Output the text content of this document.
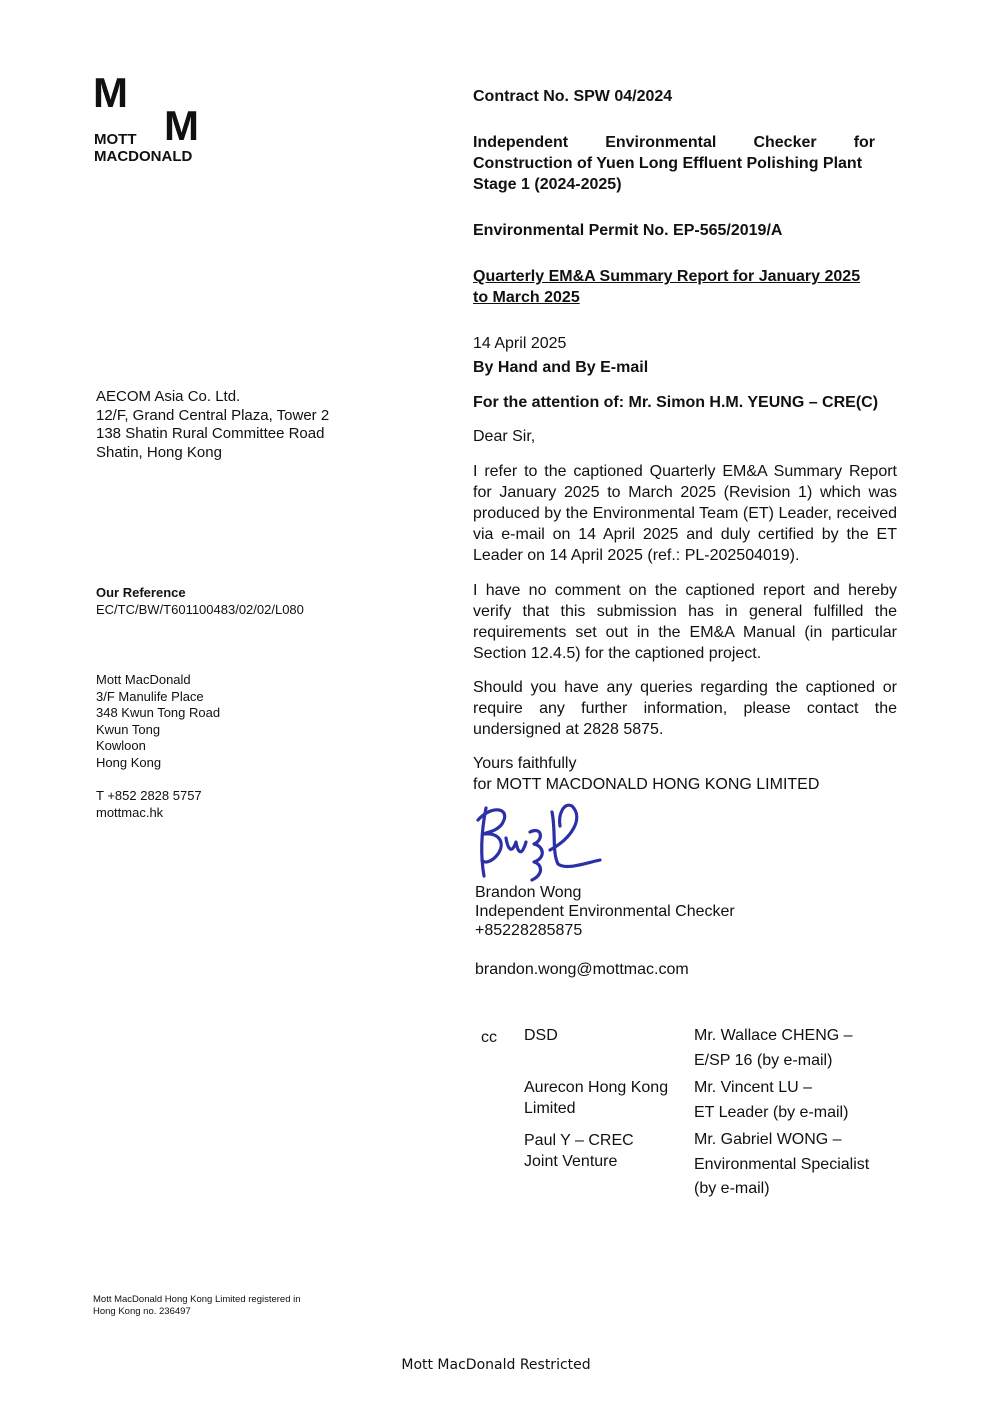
M
M
MOTT
MACDONALD
Contract No. SPW 04/2024
Independent Environmental Checker for
Construction of Yuen Long Effluent Polishing Plant
Stage 1 (2024-2025)
Environmental Permit No. EP-565/2019/A
Quarterly EM&A Summary Report for January 2025
to March 2025
14 April 2025
By Hand and By E-mail
For the attention of: Mr. Simon H.M. YEUNG – CRE(C)
Dear Sir,
I refer to the captioned Quarterly EM&A Summary Report for January 2025 to March 2025 (Revision 1) which was produced by the Environmental Team (ET) Leader, received via e-mail on 14 April 2025 and duly certified by the ET Leader on 14 April 2025 (ref.: PL-202504019).
I have no comment on the captioned report and hereby verify that this submission has in general fulfilled the requirements set out in the EM&A Manual (in particular Section 12.4.5) for the captioned project.
Should you have any queries regarding the captioned or require any further information, please contact the undersigned at 2828 5875.
Yours faithfully
for MOTT MACDONALD HONG KONG LIMITED
Brandon Wong
Independent Environmental Checker
+85228285875
brandon.wong@mottmac.com
cc DSD	Mr. Wallace CHENG –
E/SP 16 (by e-mail)
Aurecon Hong Kong
Limited
Mr. Vincent LU –
ET Leader (by e-mail)
Paul Y – CREC
Joint Venture
Mr. Gabriel WONG –
Environmental Specialist
(by e-mail)
AECOM Asia Co. Ltd.
12/F, Grand Central Plaza, Tower 2
138 Shatin Rural Committee Road
Shatin, Hong Kong
Our Reference
EC/TC/BW/T601100483/02/02/L080
Mott MacDonald
3/F Manulife Place
348 Kwun Tong Road
Kwun Tong
Kowloon
Hong Kong
T +852 2828 5757
mottmac.hk
Mott MacDonald Hong Kong Limited registered in
Hong Kong no. 236497
Mott MacDonald Restricted
